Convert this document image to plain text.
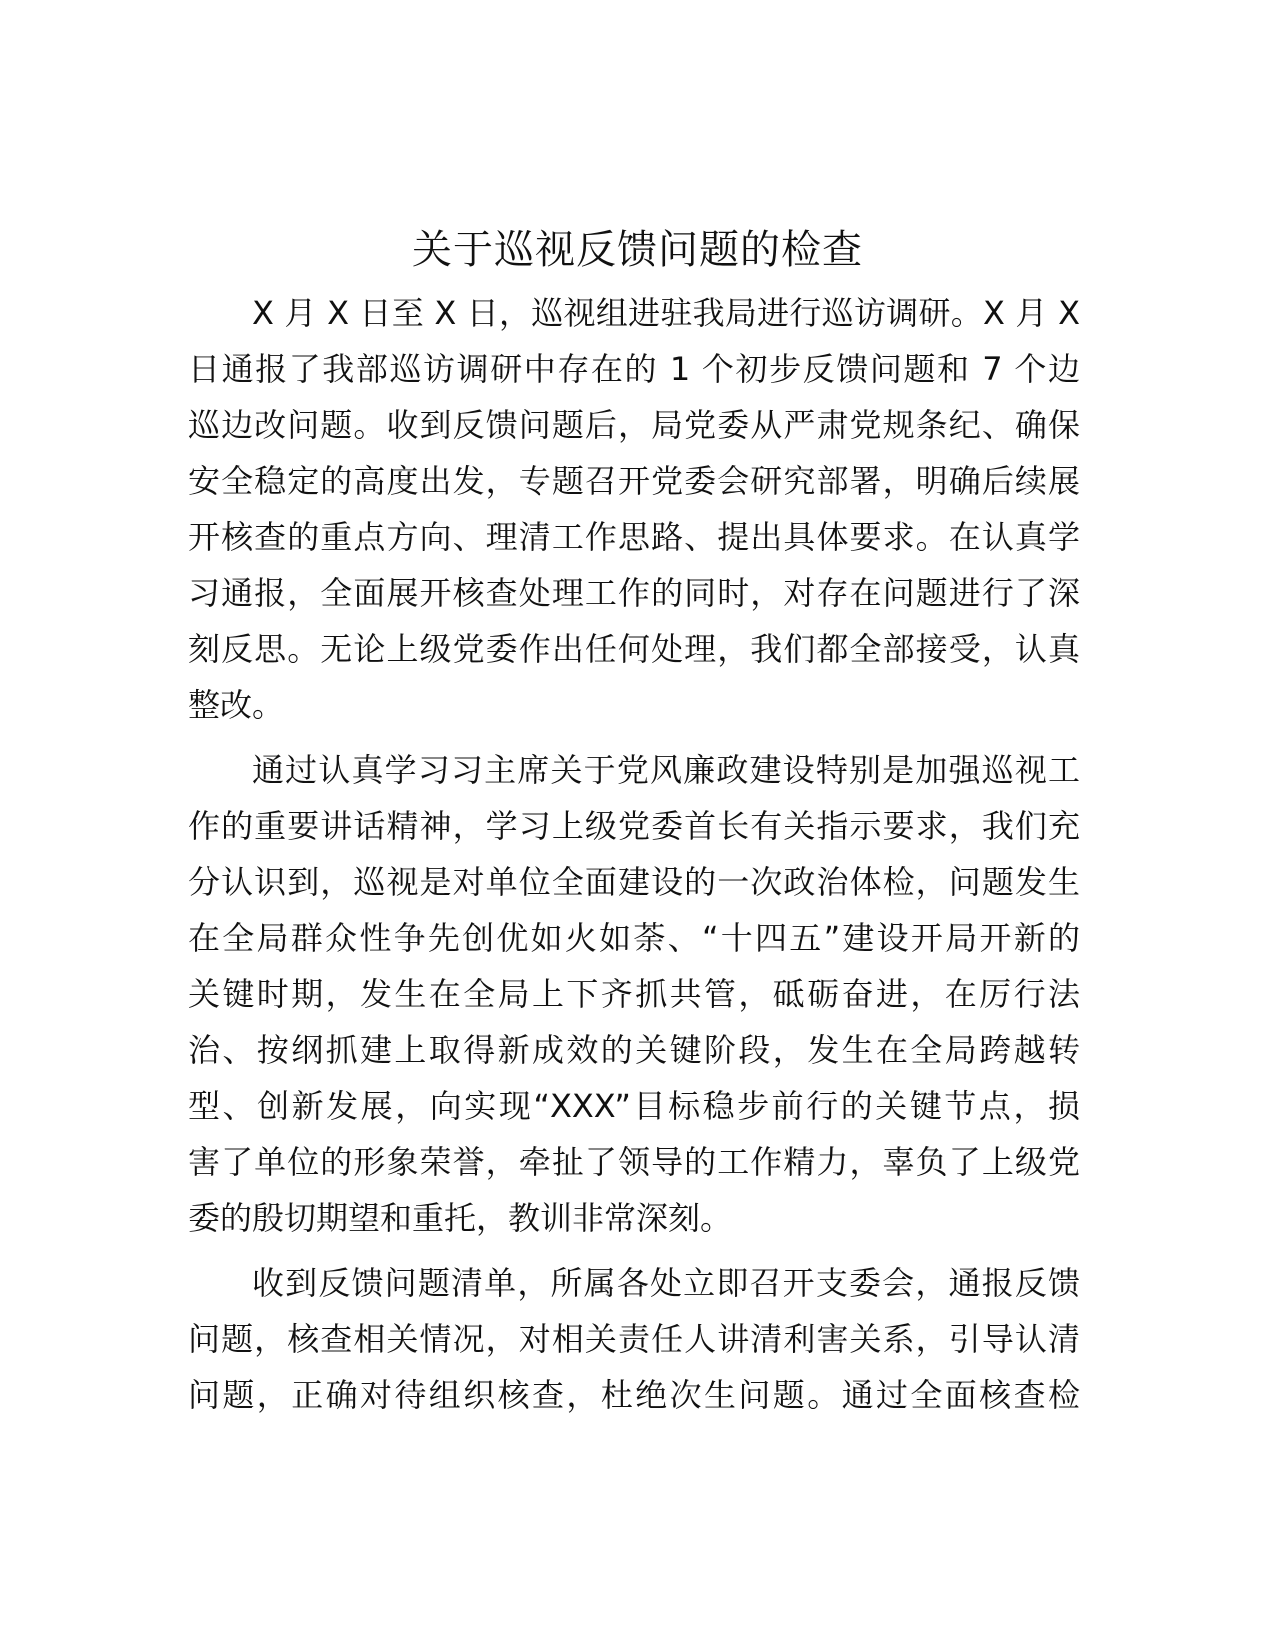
关于巡视反馈问题的检查
X 月 X 日至 X 日，巡视组进驻我局进行巡访调研。X 月 X
日通报了我部巡访调研中存在的 1 个初步反馈问题和 7 个边
巡边改问题。收到反馈问题后，局党委从严肃党规条纪、确保
安全稳定的高度出发，专题召开党委会研究部署，明确后续展
开核查的重点方向、理清工作思路、提出具体要求。在认真学
习通报，全面展开核查处理工作的同时，对存在问题进行了深
刻反思。无论上级党委作出任何处理，我们都全部接受，认真
整改。
通过认真学习习主席关于党风廉政建设特别是加强巡视工
作的重要讲话精神，学习上级党委首长有关指示要求，我们充
分认识到，巡视是对单位全面建设的一次政治体检，问题发生
在全局群众性争先创优如火如荼、“十四五”建设开局开新的
关键时期，发生在全局上下齐抓共管，砥砺奋进，在厉行法
治、按纲抓建上取得新成效的关键阶段，发生在全局跨越转
型、创新发展，向实现“XXX”目标稳步前行的关键节点，损
害了单位的形象荣誉，牵扯了领导的工作精力，辜负了上级党
委的殷切期望和重托，教训非常深刻。
收到反馈问题清单，所属各处立即召开支委会，通报反馈
问题，核查相关情况，对相关责任人讲清利害关系，引导认清
问题，正确对待组织核查，杜绝次生问题。通过全面核查检
